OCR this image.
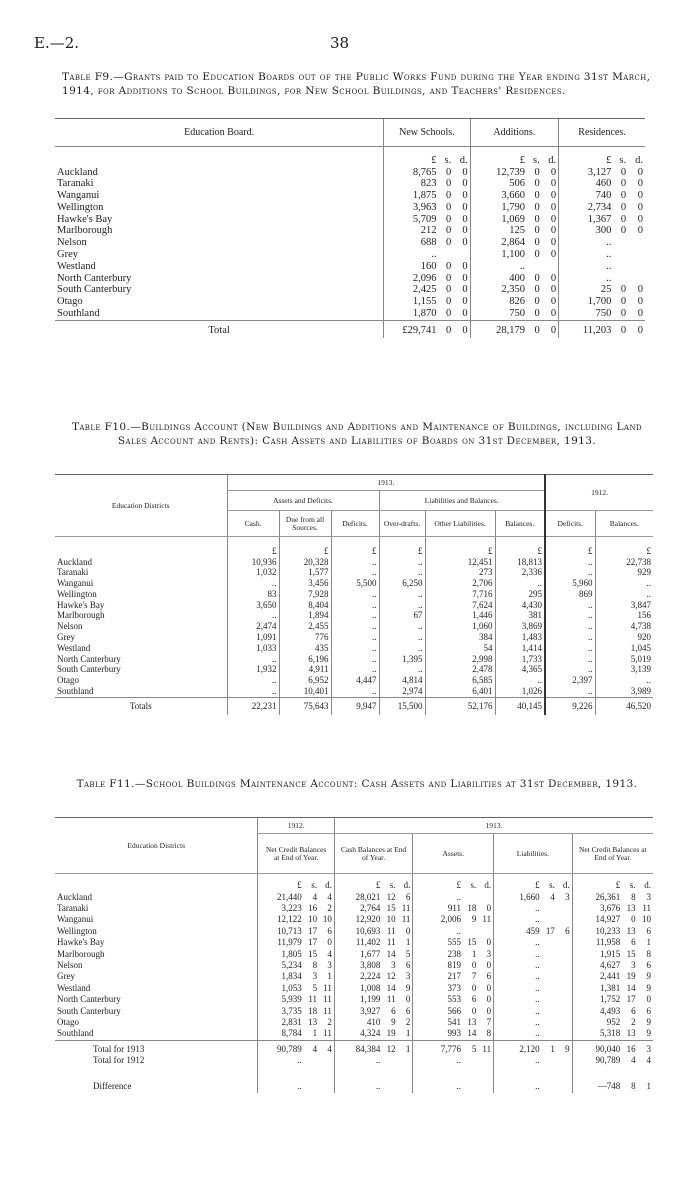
E.—2.	38
Table F9.—Grants paid to Education Boards out of the Public Works Fund during the Year ending 31st March, 1914, for Additions to School Buildings, for New School Buildings, and Teachers' Residences.
Education Board.	New Schools.			Additions.			Residences.		
	£	s.	d.	£	s.	d.	£	s.	d.
Auckland	8,765	0	0	12,739	0	0	3,127	0	0
Taranaki	823	0	0	506	0	0	460	0	0
Wanganui	1,875	0	0	3,660	0	0	740	0	0
Wellington	3,963	0	0	1,790	0	0	2,734	0	0
Hawke's Bay	5,709	0	0	1,069	0	0	1,367	0	0
Marlborough	212	0	0	125	0	0	300	0	0
Nelson	688	0	0	2,864	0	0	..		
Grey	..			1,100	0	0	..		
Westland	160	0	0	..			..		
North Canterbury	2,096	0	0	400	0	0	..		
South Canterbury	2,425	0	0	2,350	0	0	25	0	0
Otago	1,155	0	0	826	0	0	1,700	0	0
Southland	1,870	0	0	750	0	0	750	0	0
Total	£29,741	0	0	28,179	0	0	11,203	0	0
Table F10.—Buildings Account (New Buildings and Additions and Maintenance of Buildings, including Land Sales Account and Rents): Cash Assets and Liabilities of Boards on 31st December, 1913.
Education Districts	1913.						1912.	
	Assets and Deficits.			Liabilities and Balances.				
	Cash.	Due from all Sources.	Deficits.	Over-drafts.	Other Liabilities.	Balances.	Deficits.	Balances.
	£	£	£	£	£	£	£	£
Auckland	10,936	20,328	..	..	12,451	18,813	..	22,738
Taranaki	1,032	1,577	..	..	273	2,336	..	929
Wanganui	..	3,456	5,500	6,250	2,706	..	5,960	..
Wellington	83	7,928	..	..	7,716	295	869	..
Hawke's Bay	3,650	8,404	..	..	7,624	4,430	..	3,847
Marlborough	..	1,894	..	67	1,446	381	..	156
Nelson	2,474	2,455	..	..	1,060	3,869	..	4,738
Grey	1,091	776	..	..	384	1,483	..	920
Westland	1,033	435	..	..	54	1,414	..	1,045
North Canterbury	..	6,196	..	1,395	2,998	1,733	..	5,019
South Canterbury	1,932	4,911	..	..	2,478	4,365	..	3,139
Otago	..	6,952	4,447	4,814	6,585	..	2,397	..
Southland	..	10,401	..	2,974	6,401	1,026	..	3,989
Totals	22,231	75,643	9,947	15,500	52,176	40,145	9,226	46,520
Table F11.—School Buildings Maintenance Account: Cash Assets and Liabilities at 31st December, 1913.
Education Districts	1912.			1913.											
	Net Credit Balances at End of Year.			Cash Balances at End of Year.			Assets.			Liabilities.			Net Credit Balances at End of Year.		
	£	s.	d.	£	s.	d.	£	s.	d.	£	s.	d.	£	s.	d.
Auckland	21,440	4	4	28,021	12	6	..			1,660	4	3	26,361	8	3
Taranaki	3,223	16	2	2,764	15	11	911	18	0	..			3,676	13	11
Wanganui	12,122	10	10	12,920	10	11	2,006	9	11	..			14,927	0	10
Wellington	10,713	17	6	10,693	11	0	..			459	17	6	10,233	13	6
Hawke's Bay	11,979	17	0	11,402	11	1	555	15	0	..			11,958	6	1
Marlborough	1,805	15	4	1,677	14	5	238	1	3	..			1,915	15	8
Nelson	5,234	8	3	3,808	3	6	819	0	0	..			4,627	3	6
Grey	1,834	3	1	2,224	12	3	217	7	6	..			2,441	19	9
Westland	1,053	5	11	1,008	14	9	373	0	0	..			1,381	14	9
North Canterbury	5,939	11	11	1,199	11	0	553	6	0	..			1,752	17	0
South Canterbury	3,735	18	11	3,927	6	6	566	0	0	..			4,493	6	6
Otago	2,831	13	2	410	9	2	541	13	7	..			952	2	9
Southland	8,784	1	11	4,324	19	1	993	14	8	..			5,318	13	9
Total for 1913	90,789	4	4	84,384	12	1	7,776	5	11	2,120	1	9	90,040	16	3
Total for 1912	..			..			..			..			90,789	4	4
Difference	..			..			..			..			—748	8	1
